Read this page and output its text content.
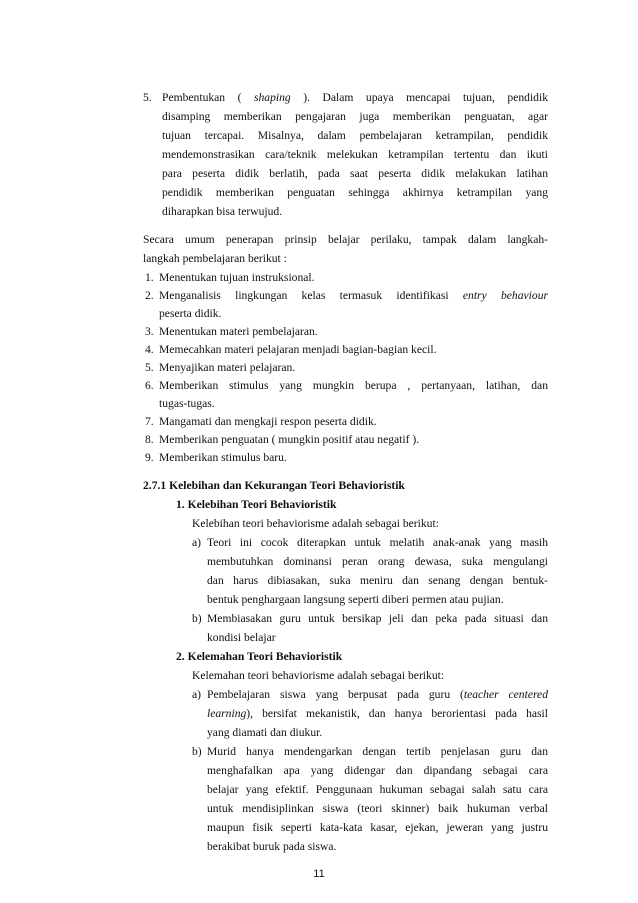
5. Pembentukan ( shaping ). Dalam upaya mencapai tujuan, pendidik
disamping memberikan pengajaran juga memberikan penguatan, agar
tujuan tercapai. Misalnya, dalam pembelajaran ketrampilan, pendidik
mendemonstrasikan cara/teknik melekukan ketrampilan tertentu dan ikuti
para peserta didik berlatih, pada saat peserta didik melakukan latihan
pendidik memberikan penguatan sehingga akhirnya ketrampilan yang
diharapkan bisa terwujud.
Secara umum penerapan prinsip belajar perilaku, tampak dalam langkah-
langkah pembelajaran berikut :
1. Menentukan tujuan instruksional.
2. Menganalisis lingkungan kelas termasuk identifikasi entry behaviour
peserta didik.
3. Menentukan materi pembelajaran.
4. Memecahkan materi pelajaran menjadi bagian-bagian kecil.
5. Menyajikan materi pelajaran.
6. Memberikan stimulus yang mungkin berupa , pertanyaan, latihan, dan
tugas-tugas.
7. Mangamati dan mengkaji respon peserta didik.
8. Memberikan penguatan ( mungkin positif atau negatif ).
9. Memberikan stimulus baru.
2.7.1 Kelebihan dan Kekurangan Teori Behavioristik
1. Kelebihan Teori Behavioristik
Kelebihan teori behaviorisme adalah sebagai berikut:
a) Teori ini cocok diterapkan untuk melatih anak-anak yang masih
membutuhkan dominansi peran orang dewasa, suka mengulangi
dan harus dibiasakan, suka meniru dan senang dengan bentuk-
bentuk penghargaan langsung seperti diberi permen atau pujian.
b) Membiasakan guru untuk bersikap jeli dan peka pada situasi dan
kondisi belajar
2. Kelemahan Teori Behavioristik
Kelemahan teori behaviorisme adalah sebagai berikut:
a) Pembelajaran siswa yang berpusat pada guru (teacher centered
learning), bersifat mekanistik, dan hanya berorientasi pada hasil
yang diamati dan diukur.
b) Murid hanya mendengarkan dengan tertib penjelasan guru dan
menghafalkan apa yang didengar dan dipandang sebagai cara
belajar yang efektif. Penggunaan hukuman sebagai salah satu cara
untuk mendisiplinkan siswa (teori skinner) baik hukuman verbal
maupun fisik seperti kata-kata kasar, ejekan, jeweran yang justru
berakibat buruk pada siswa.
11
